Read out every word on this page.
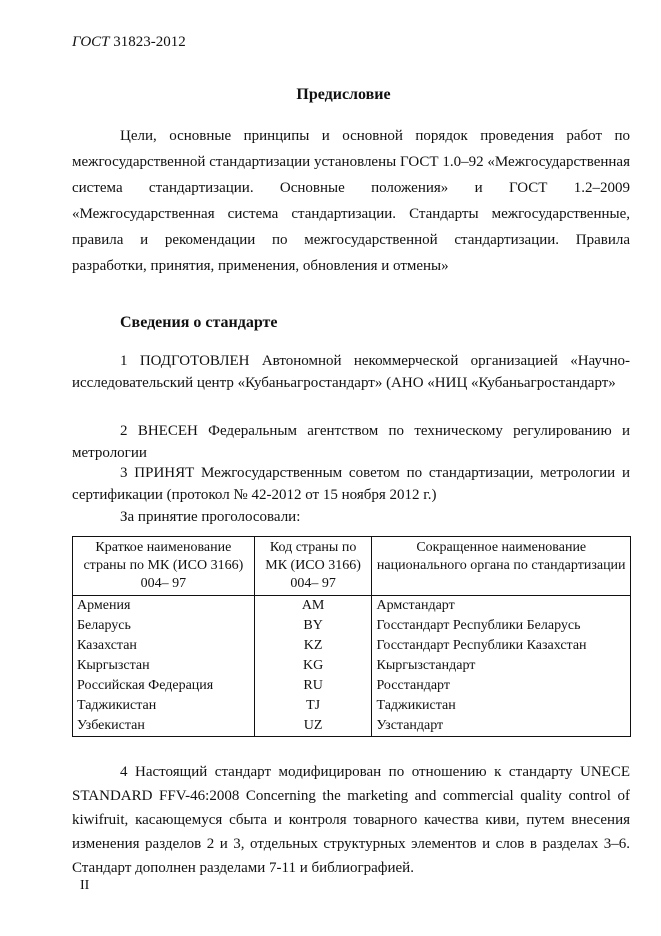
ГОСТ 31823-2012
Предисловие
Цели, основные принципы и основной порядок проведения работ по межгосударственной стандартизации установлены ГОСТ 1.0–92 «Межгосударственная система стандартизации. Основные положения» и ГОСТ 1.2–2009 «Межгосударственная система стандартизации. Стандарты межгосударственные, правила и рекомендации по межгосударственной стандартизации. Правила разработки, принятия, применения, обновления и отмены»
Сведения о стандарте
1 ПОДГОТОВЛЕН Автономной некоммерческой организацией «Научно-исследовательский центр «Кубаньагростандарт» (АНО «НИЦ «Кубаньагростандарт»
2 ВНЕСЕН Федеральным агентством по техническому регулированию и метрологии
3 ПРИНЯТ Межгосударственным советом по стандартизации, метрологии и сертификации (протокол № 42-2012 от 15 ноября 2012 г.)
За принятие проголосовали:
Краткое наименование страны по МК (ИСО 3166) 004– 97	Код страны по МК (ИСО 3166) 004– 97	Сокращенное наименование национального органа по стандартизации
Армения	AM	Армстандарт
Беларусь	BY	Госстандарт Республики Беларусь
Казахстан	KZ	Госстандарт Республики Казахстан
Кыргызстан	KG	Кыргызстандарт
Российская Федерация	RU	Росстандарт
Таджикистан	TJ	Таджикистан
Узбекистан	UZ	Узстандарт
4 Настоящий стандарт модифицирован по отношению к стандарту UNECE STANDARD FFV-46:2008 Concerning the marketing and commercial quality control of kiwifruit, касающемуся сбыта и контроля товарного качества киви, путем внесения изменения разделов 2 и 3, отдельных структурных элементов и слов в разделах 3–6. Стандарт дополнен разделами 7-11 и библиографией.
II
